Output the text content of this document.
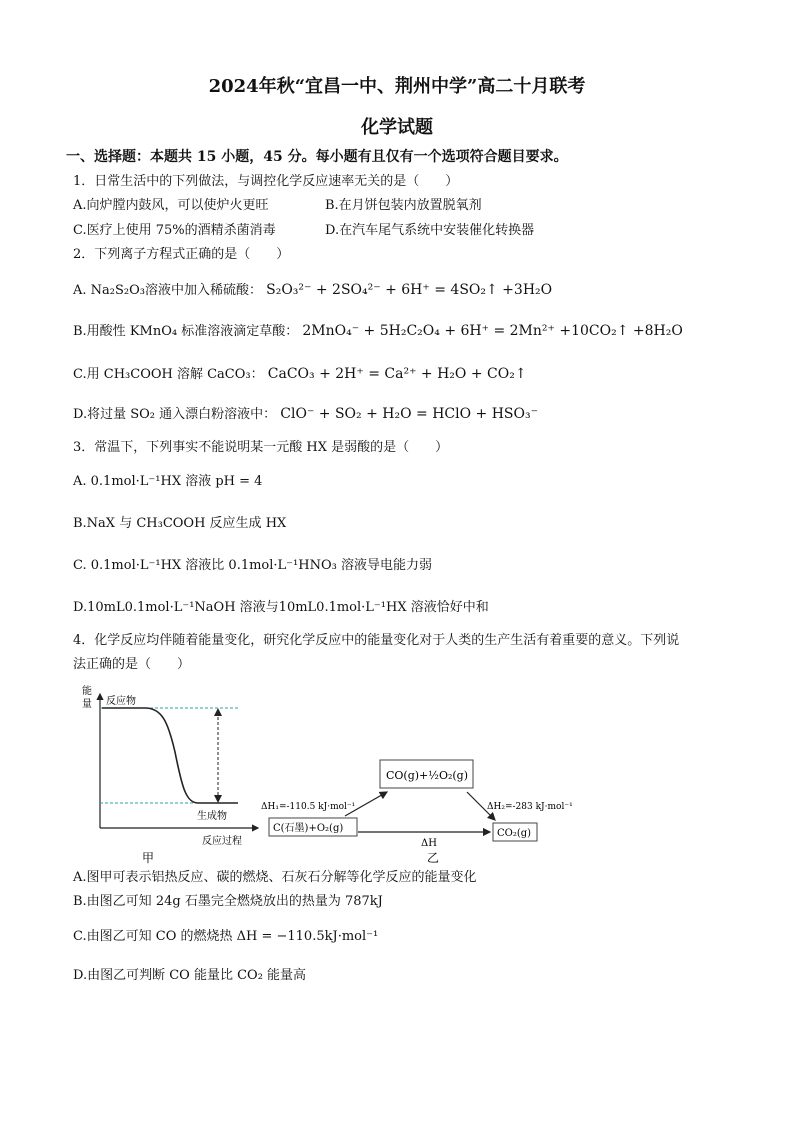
2024年秋“宜昌一中、荆州中学”高二十月联考
化学试题
一、选择题：本题共 15 小题，45 分。每小题有且仅有一个选项符合题目要求。
1．日常生活中的下列做法，与调控化学反应速率无关的是（　　）
A.向炉膛内鼓风，可以使炉火更旺	B.在月饼包装内放置脱氧剂
C.医疗上使用 75%的酒精杀菌消毒	D.在汽车尾气系统中安装催化转换器
2．下列离子方程式正确的是（　　）
A. Na₂S₂O₃溶液中加入稀硫酸： S₂O₃²⁻ + 2SO₄²⁻ + 6H⁺ = 4SO₂↑ +3H₂O
B.用酸性 KMnO₄ 标准溶液滴定草酸： 2MnO₄⁻ + 5H₂C₂O₄ + 6H⁺ = 2Mn²⁺ +10CO₂↑ +8H₂O
C.用 CH₃COOH 溶解 CaCO₃： CaCO₃ + 2H⁺ = Ca²⁺ + H₂O + CO₂↑
D.将过量 SO₂ 通入漂白粉溶液中： ClO⁻ + SO₂ + H₂O = HClO + HSO₃⁻
3．常温下，下列事实不能说明某一元酸 HX 是弱酸的是（　　）
A. 0.1mol·L⁻¹HX 溶液 pH = 4
B.NaX 与 CH₃COOH 反应生成 HX
C. 0.1mol·L⁻¹HX 溶液比 0.1mol·L⁻¹HNO₃ 溶液导电能力弱
D.10mL0.1mol·L⁻¹NaOH 溶液与10mL0.1mol·L⁻¹HX 溶液恰好中和
4．化学反应均伴随着能量变化，研究化学反应中的能量变化对于人类的生产生活有着重要的意义。下列说
法正确的是（　　）
能
量 反应物
生成物
反应过程
甲
CO(g)+½O₂(g)
C(石墨)+O₂(g)	CO₂(g)
ΔH₁=-110.5 kJ·mol⁻¹	ΔH₂=-283 kJ·mol⁻¹
ΔH
乙
A.图甲可表示铝热反应、碳的燃烧、石灰石分解等化学反应的能量变化
B.由图乙可知 24g 石墨完全燃烧放出的热量为 787kJ
C.由图乙可知 CO 的燃烧热 ΔH = −110.5kJ·mol⁻¹
D.由图乙可判断 CO 能量比 CO₂ 能量高
